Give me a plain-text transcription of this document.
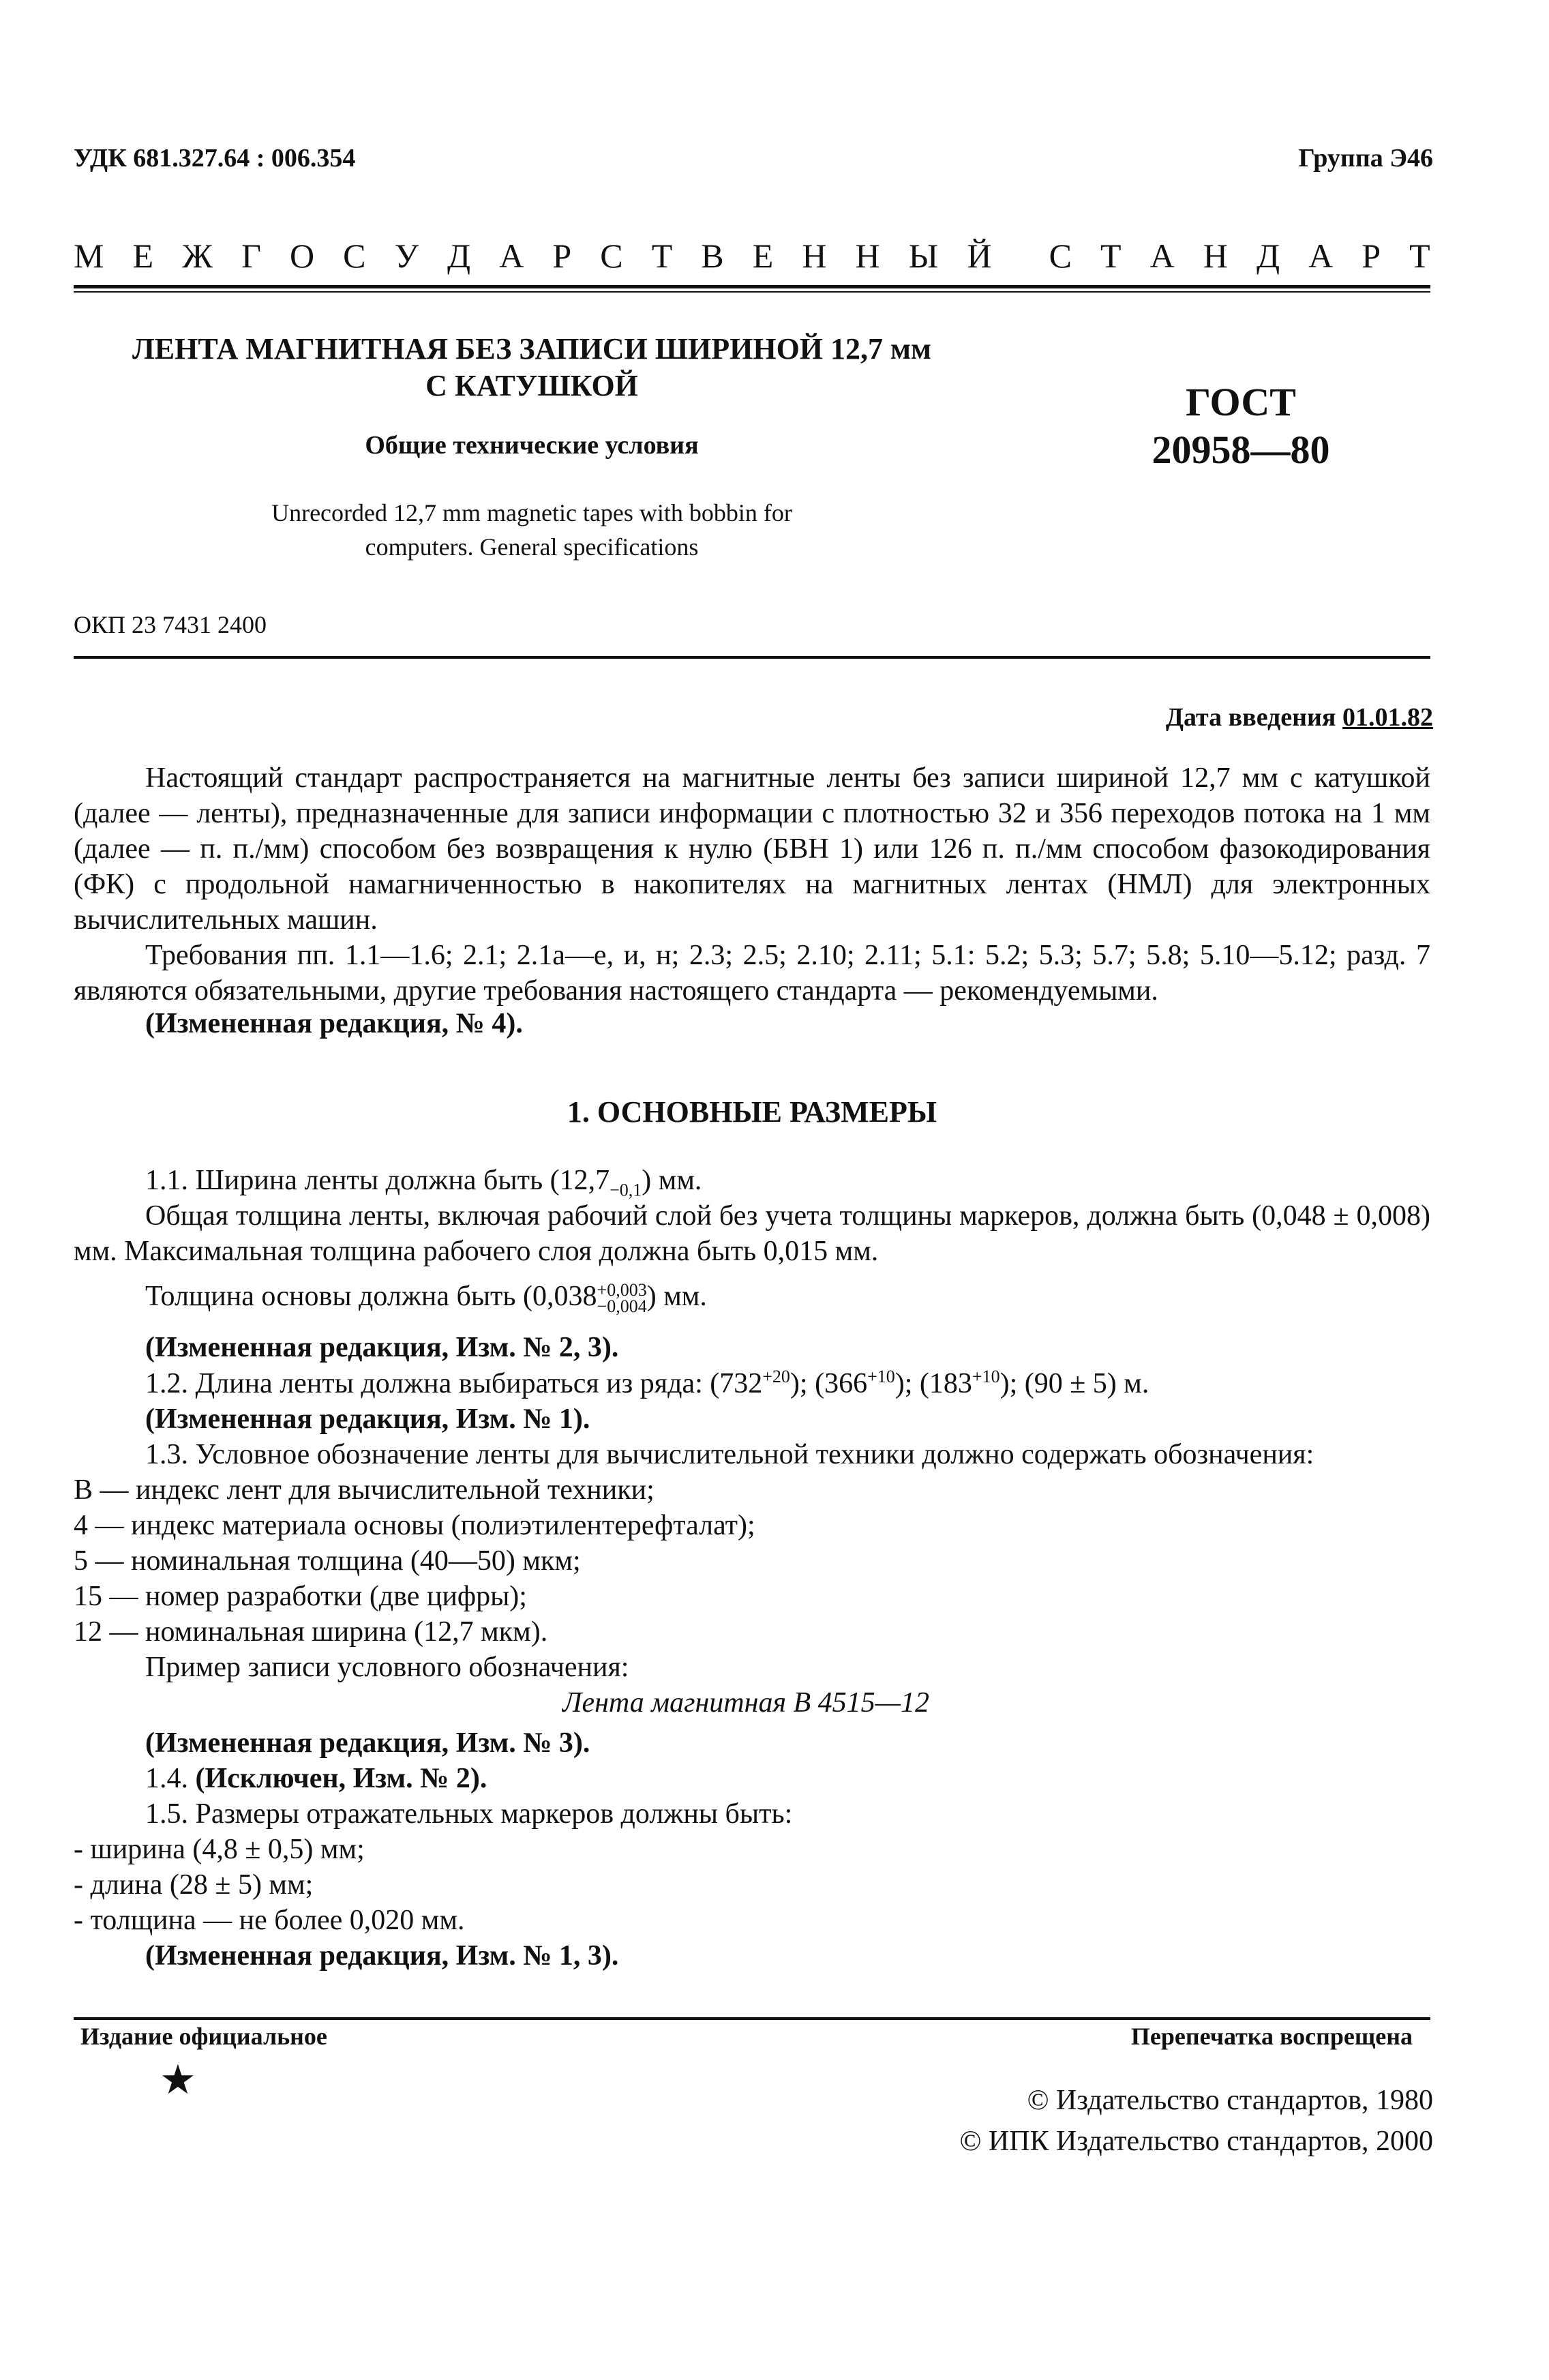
УДК 681.327.64 : 006.354	Группа Э46
М Е Ж Г О С У Д А Р С Т В Е Н Н Ы Й С Т А Н Д А Р Т
ЛЕНТА МАГНИТНАЯ БЕЗ ЗАПИСИ ШИРИНОЙ 12,7 мм
С КАТУШКОЙ
Общие технические условия
Unrecorded 12,7 mm magnetic tapes with bobbin for
computers. General specifications
ГОСТ
20958—80
ОКП 23 7431 2400
Дата введения 01.01.82
Настоящий стандарт распространяется на магнитные ленты без записи шириной 12,7 мм с катушкой (далее — ленты), предназначенные для записи информации с плотностью 32 и 356 переходов потока на 1 мм (далее — п. п./мм) способом без возвращения к нулю (БВН 1) или 126 п. п./мм способом фазокодирования (ФК) с продольной намагниченностью в накопителях на магнитных лентах (НМЛ) для электронных вычислительных машин.
Требования пп. 1.1—1.6; 2.1; 2.1а—е, и, н; 2.3; 2.5; 2.10; 2.11; 5.1: 5.2; 5.3; 5.7; 5.8; 5.10—5.12; разд. 7 являются обязательными, другие требования настоящего стандарта — рекомендуемыми.
(Измененная редакция, № 4).
1. ОСНОВНЫЕ РАЗМЕРЫ
1.1. Ширина ленты должна быть $(12,7_{-0,1})$ мм.
Общая толщина ленты, включая рабочий слой без учета толщины маркеров, должна быть (0,048 ± 0,008) мм. Максимальная толщина рабочего слоя должна быть 0,015 мм.
Толщина основы должна быть (0,038 +0,003
−0,004 ) мм.
(Измененная редакция, Изм. № 2, 3).
1.2. Длина ленты должна выбираться из ряда: $(732^{+20})$; $(366^{+10})$; $(183^{+10})$; (90 ± 5) м.
(Измененная редакция, Изм. № 1).
1.3. Условное обозначение ленты для вычислительной техники должно содержать обозначения:
В — индекс лент для вычислительной техники;
4 — индекс материала основы (полиэтилентерефталат);
5 — номинальная толщина (40—50) мкм;
15 — номер разработки (две цифры);
12 — номинальная ширина (12,7 мкм).
Пример записи условного обозначения:
Лента магнитная В 4515—12
(Измененная редакция, Изм. № 3).
1.4. (Исключен, Изм. № 2).
1.5. Размеры отражательных маркеров должны быть:
- ширина (4,8 ± 0,5) мм;
- длина (28 ± 5) мм;
- толщина — не более 0,020 мм.
(Измененная редакция, Изм. № 1, 3).
Издание официальное	Перепечатка воспрещена
★	© Издательство стандартов, 1980
© ИПК Издательство стандартов, 2000
